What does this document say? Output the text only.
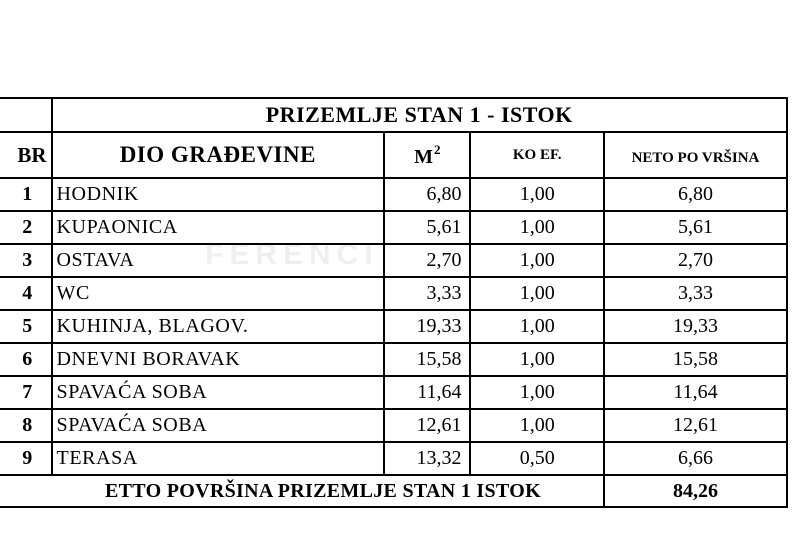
	PRIZEMLJE STAN 1 - ISTOK			
BR	DIO GRAĐEVINE	$M^2$	KO EF.	NETO PO VRŠINA
1	HODNIK	6,80	1,00	6,80
2	KUPAONICA	5,61	1,00	5,61
3	OSTAVA	2,70	1,00	2,70
4	WC	3,33	1,00	3,33
5	KUHINJA, BLAGOV.	19,33	1,00	19,33
6	DNEVNI BORAVAK	15,58	1,00	15,58
7	SPAVAĆA SOBA	11,64	1,00	11,64
8	SPAVAĆA SOBA	12,61	1,00	12,61
9	TERASA	13,32	0,50	6,66
ETTO POVRŠINA PRIZEMLJE STAN 1 ISTOK				84,26
FERENCI
